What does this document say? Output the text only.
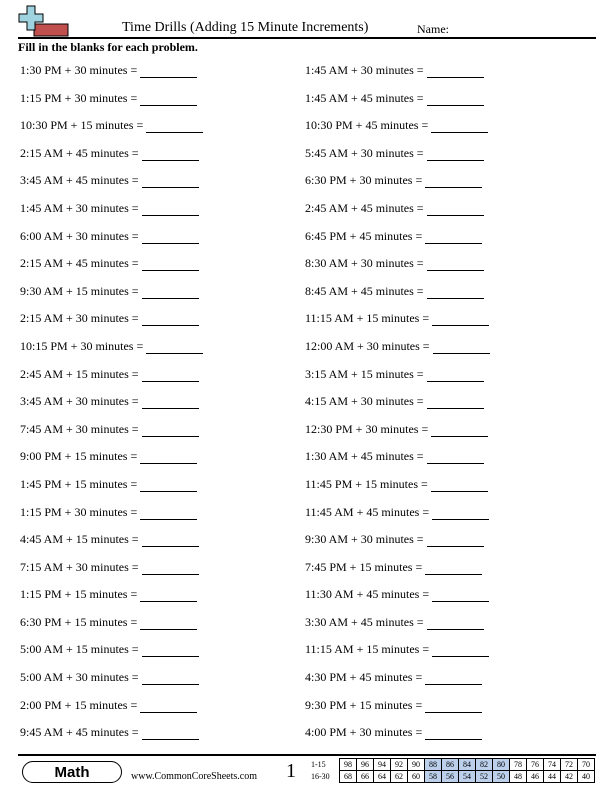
Time Drills (Adding 15 Minute Increments)	Name:
Fill in the blanks for each problem.
1:30 PM + 30 minutes =	1:45 AM + 30 minutes =
1:15 PM + 30 minutes =	1:45 AM + 45 minutes =
10:30 PM + 15 minutes =	10:30 PM + 45 minutes =
2:15 AM + 45 minutes =	5:45 AM + 30 minutes =
3:45 AM + 45 minutes =	6:30 PM + 30 minutes =
1:45 AM + 30 minutes =	2:45 AM + 45 minutes =
6:00 AM + 30 minutes =	6:45 PM + 45 minutes =
2:15 AM + 45 minutes =	8:30 AM + 30 minutes =
9:30 AM + 15 minutes =	8:45 AM + 45 minutes =
2:15 AM + 30 minutes =	11:15 AM + 15 minutes =
10:15 PM + 30 minutes =	12:00 AM + 30 minutes =
2:45 AM + 15 minutes =	3:15 AM + 15 minutes =
3:45 AM + 30 minutes =	4:15 AM + 30 minutes =
7:45 AM + 30 minutes =	12:30 PM + 30 minutes =
9:00 PM + 15 minutes =	1:30 AM + 45 minutes =
1:45 PM + 15 minutes =	11:45 PM + 15 minutes =
1:15 PM + 30 minutes =	11:45 AM + 45 minutes =
4:45 AM + 15 minutes =	9:30 AM + 30 minutes =
7:15 AM + 30 minutes =	7:45 PM + 15 minutes =
1:15 PM + 15 minutes =	11:30 AM + 45 minutes =
6:30 PM + 15 minutes =	3:30 AM + 45 minutes =
5:00 AM + 15 minutes =	11:15 AM + 15 minutes =
5:00 AM + 30 minutes =	4:30 PM + 45 minutes =
2:00 PM + 15 minutes =	9:30 PM + 15 minutes =
9:45 AM + 45 minutes =	4:00 PM + 30 minutes =
Math	www.CommonCoreSheets.com 1 1-15	98	96	94	92	90	88	86	84	82	80	78	76	74	72	70
16-30	68	66	64	62	60	58	56	54	52	50	48	46	44	42	40
